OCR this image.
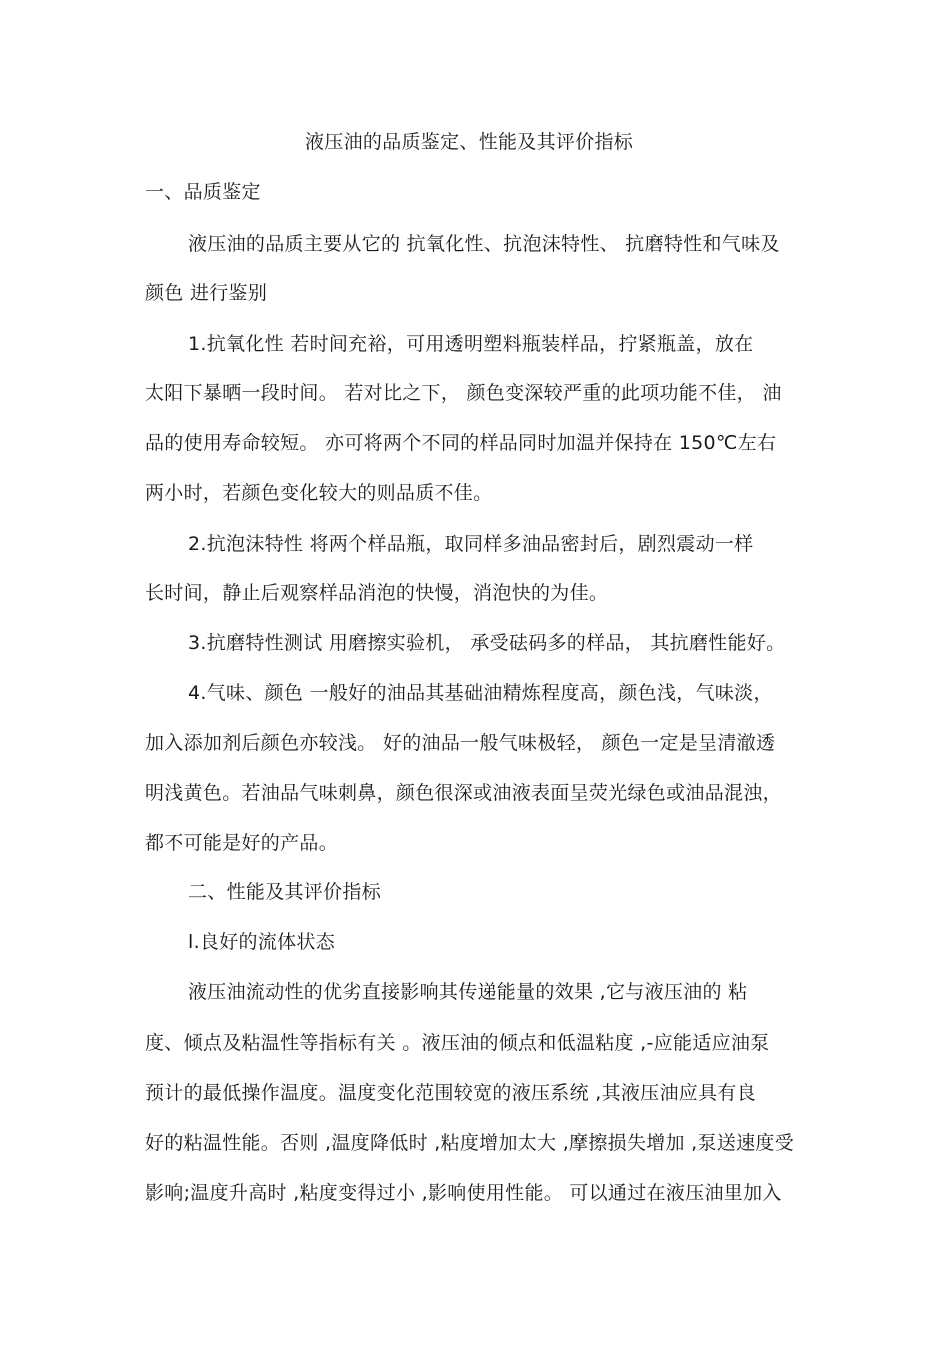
液压油的品质鉴定、性能及其评价指标
一、品质鉴定
液压油的品质主要从它的 抗氧化性、抗泡沫特性、 抗磨特性和气味及
颜色 进行鉴别
1.抗氧化性 若时间充裕，可用透明塑料瓶装样品，拧紧瓶盖，放在
太阳下暴晒一段时间。 若对比之下， 颜色变深较严重的此项功能不佳， 油
品的使用寿命较短。 亦可将两个不同的样品同时加温并保持在 150℃左右
两小时，若颜色变化较大的则品质不佳。
2.抗泡沫特性 将两个样品瓶，取同样多油品密封后，剧烈震动一样
长时间，静止后观察样品消泡的快慢，消泡快的为佳。
3.抗磨特性测试 用磨擦实验机， 承受砝码多的样品， 其抗磨性能好。
4.气味、颜色 一般好的油品其基础油精炼程度高，颜色浅，气味淡，
加入添加剂后颜色亦较浅。 好的油品一般气味极轻， 颜色一定是呈清澈透
明浅黄色。若油品气味刺鼻，颜色很深或油液表面呈荧光绿色或油品混浊，
都不可能是好的产品。
二、性能及其评价指标
l.良好的流体状态
液压油流动性的优劣直接影响其传递能量的效果 ,它与液压油的 粘
度、倾点及粘温性等指标有关 。液压油的倾点和低温粘度 ,-应能适应油泵
预计的最低操作温度。温度变化范围较宽的液压系统 ,其液压油应具有良
好的粘温性能。否则 ,温度降低时 ,粘度增加太大 ,摩擦损失增加 ,泵送速度受
影响;温度升高时 ,粘度变得过小 ,影响使用性能。 可以通过在液压油里加入
